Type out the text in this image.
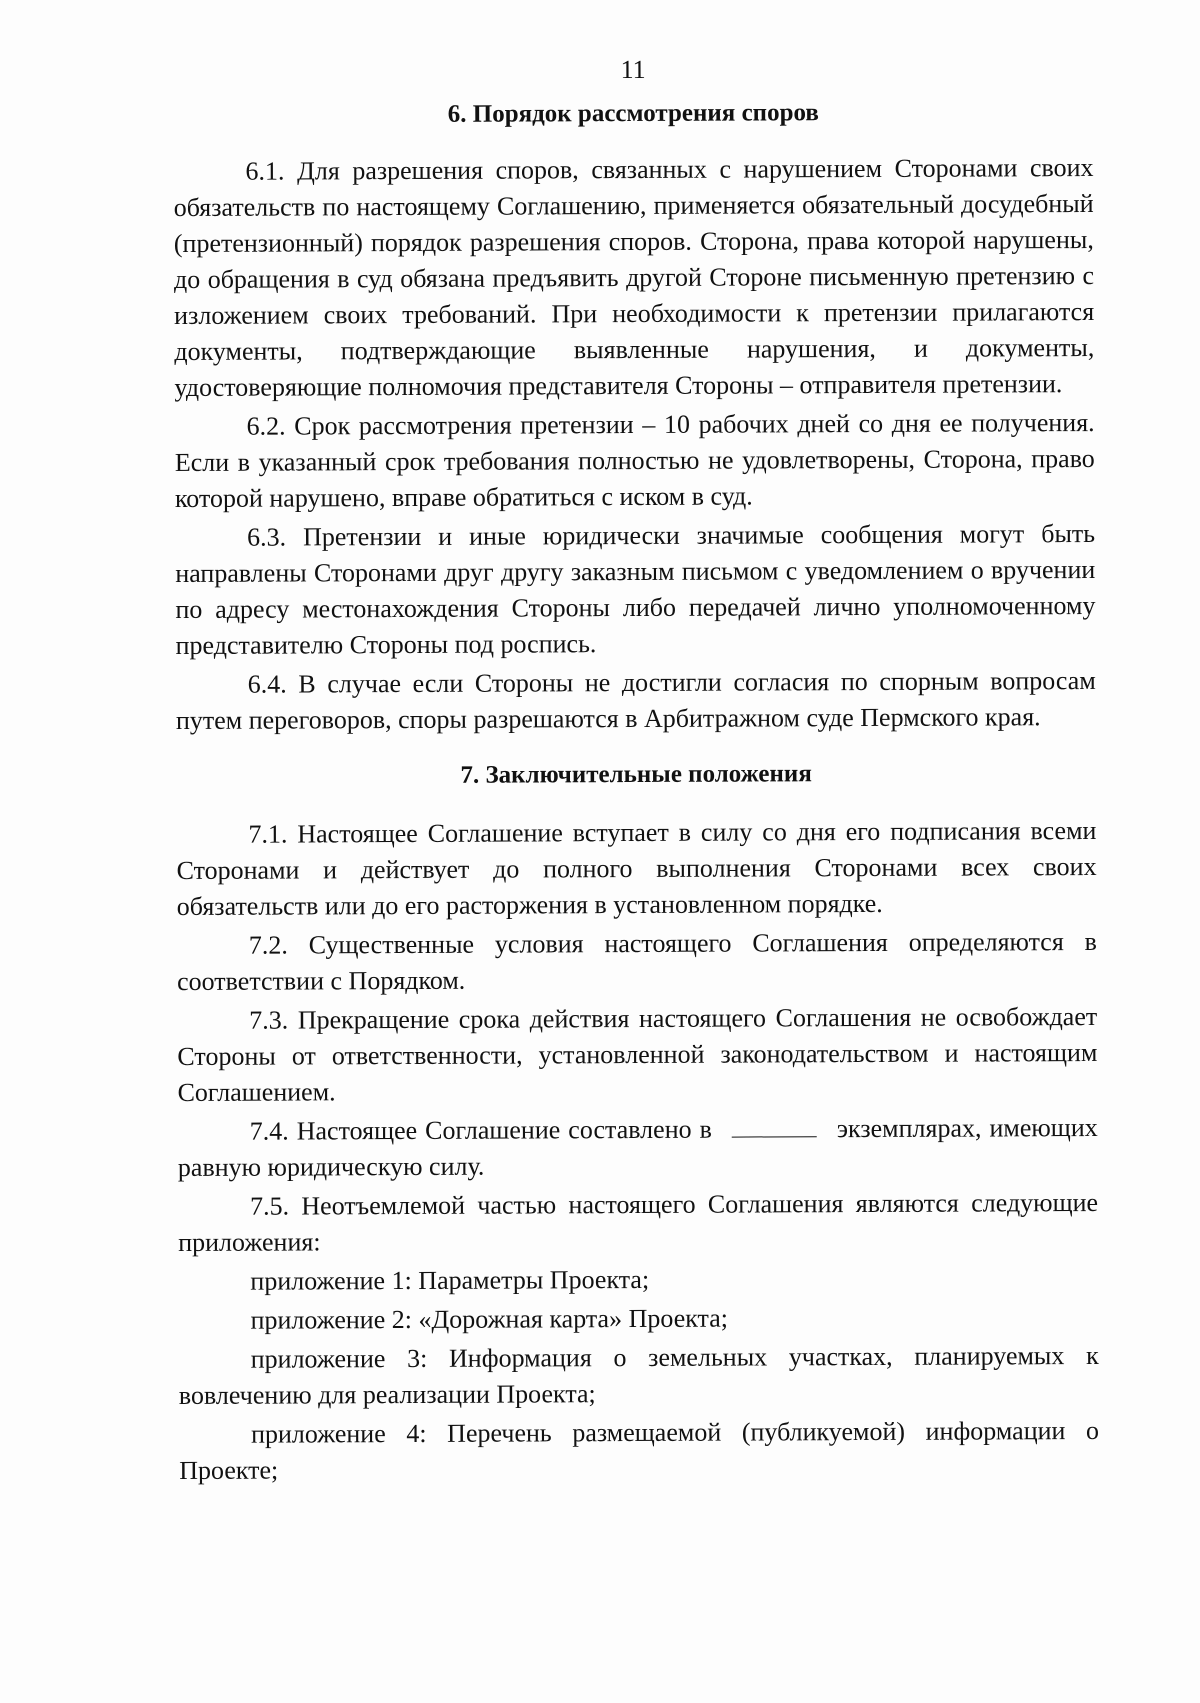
11
6. Порядок рассмотрения споров

6.1. Для разрешения споров, связанных с нарушением Сторонами своих обязательств по настоящему Соглашению, применяется обязательный досудебный (претензионный) порядок разрешения споров. Сторона, права которой нарушены, до обращения в суд обязана предъявить другой Стороне письменную претензию с изложением своих требований. При необходимости к претензии прилагаются документы, подтверждающие выявленные нарушения, и документы, удостоверяющие полномочия представителя Стороны – отправителя претензии.

6.2. Срок рассмотрения претензии – 10 рабочих дней со дня ее получения. Если в указанный срок требования полностью не удовлетворены, Сторона, право которой нарушено, вправе обратиться с иском в суд.

6.3. Претензии и иные юридически значимые сообщения могут быть направлены Сторонами друг другу заказным письмом с уведомлением о вручении по адресу местонахождения Стороны либо передачей лично уполномоченному представителю Стороны под роспись.

6.4. В случае если Стороны не достигли согласия по спорным вопросам путем переговоров, споры разрешаются в Арбитражном суде Пермского края.

7. Заключительные положения

7.1. Настоящее Соглашение вступает в силу со дня его подписания всеми Сторонами и действует до полного выполнения Сторонами всех своих обязательств или до его расторжения в установленном порядке.

7.2. Существенные условия настоящего Соглашения определяются в соответствии с Порядком.

7.3. Прекращение срока действия настоящего Соглашения не освобождает Стороны от ответственности, установленной законодательством и настоящим Соглашением.

7.4. Настоящее Соглашение составлено в	экземплярах, имеющих равную юридическую силу.

7.5. Неотъемлемой частью настоящего Соглашения являются следующие приложения:

приложение 1: Параметры Проекта;

приложение 2: «Дорожная карта» Проекта;

приложение 3: Информация о земельных участках, планируемых к вовлечению для реализации Проекта;

приложение 4: Перечень размещаемой (публикуемой) информации о Проекте;
